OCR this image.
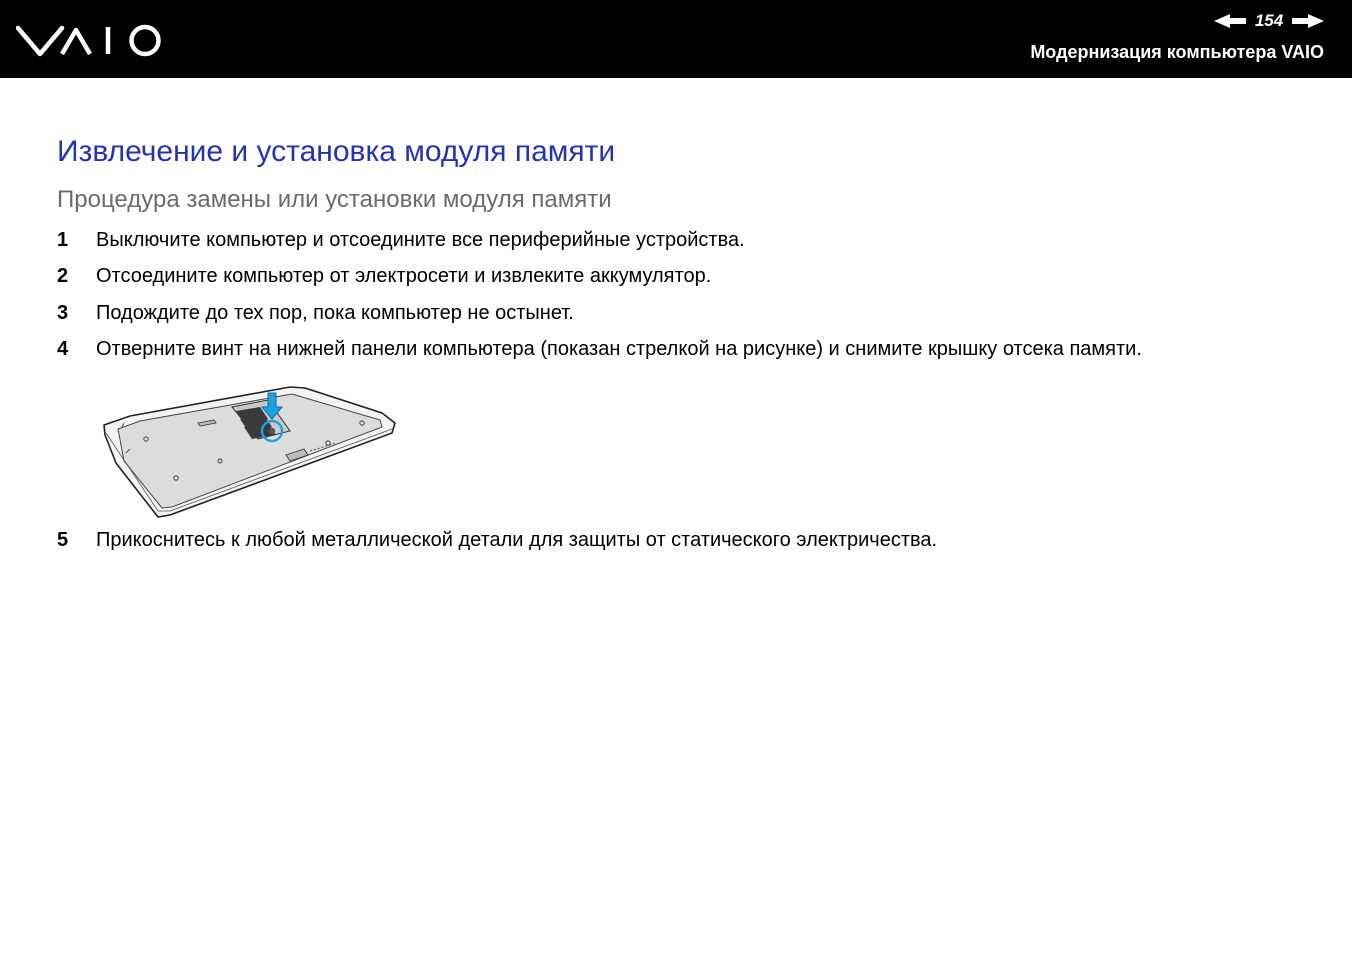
154
Модернизация компьютера VAIO
Извлечение и установка модуля памяти
Процедура замены или установки модуля памяти
1 Выключите компьютер и отсоедините все периферийные устройства.
2 Отсоедините компьютер от электросети и извлеките аккумулятор.
3 Подождите до тех пор, пока компьютер не остынет.
4 Отверните винт на нижней панели компьютера (показан стрелкой на рисунке) и снимите крышку отсека памяти.
5 Прикоснитесь к любой металлической детали для защиты от статического электричества.
